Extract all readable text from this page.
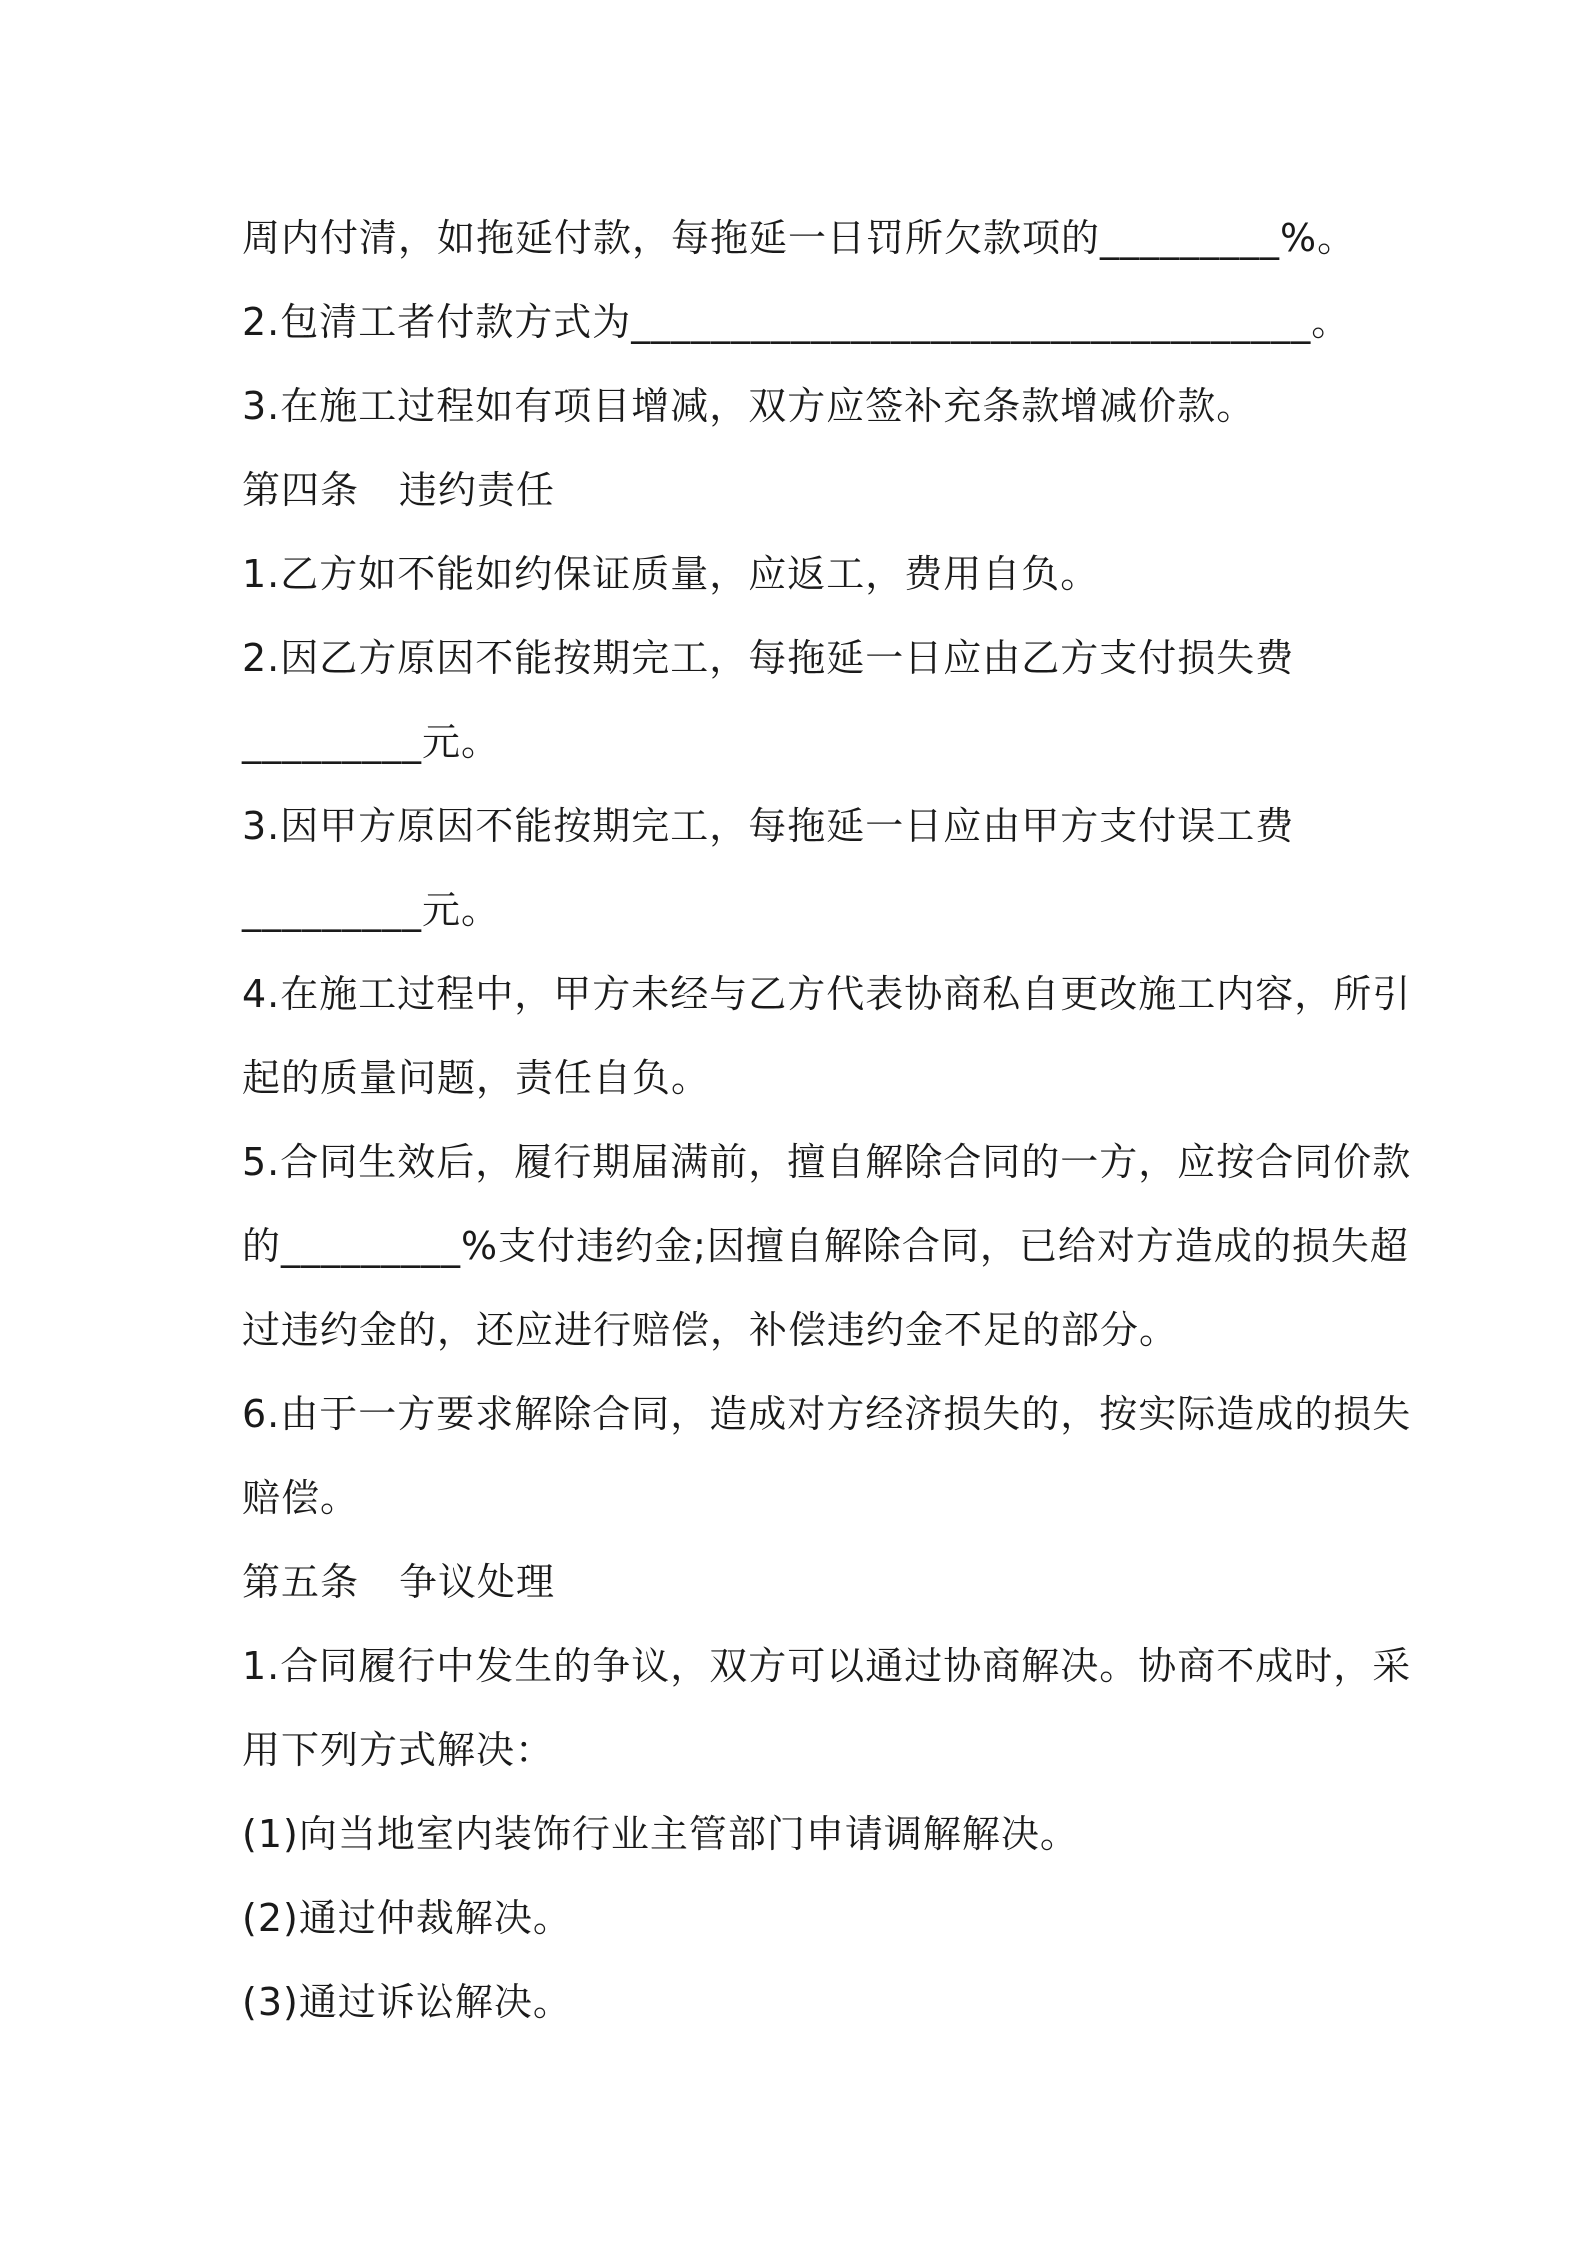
周内付清，如拖延付款，每拖延一日罚所欠款项的_________%。
2.包清工者付款方式为__________________________________。
3.在施工过程如有项目增减，双方应签补充条款增减价款。
第四条 违约责任
1.乙方如不能如约保证质量，应返工，费用自负。
2.因乙方原因不能按期完工，每拖延一日应由乙方支付损失费
_________元。
3.因甲方原因不能按期完工，每拖延一日应由甲方支付误工费
_________元。
4.在施工过程中，甲方未经与乙方代表协商私自更改施工内容，所引
起的质量问题，责任自负。
5.合同生效后，履行期届满前，擅自解除合同的一方，应按合同价款
的_________%支付违约金;因擅自解除合同，已给对方造成的损失超
过违约金的，还应进行赔偿，补偿违约金不足的部分。
6.由于一方要求解除合同，造成对方经济损失的，按实际造成的损失
赔偿。
第五条 争议处理
1.合同履行中发生的争议，双方可以通过协商解决。协商不成时，采
用下列方式解决：
(1)向当地室内装饰行业主管部门申请调解解决。
(2)通过仲裁解决。
(3)通过诉讼解决。
